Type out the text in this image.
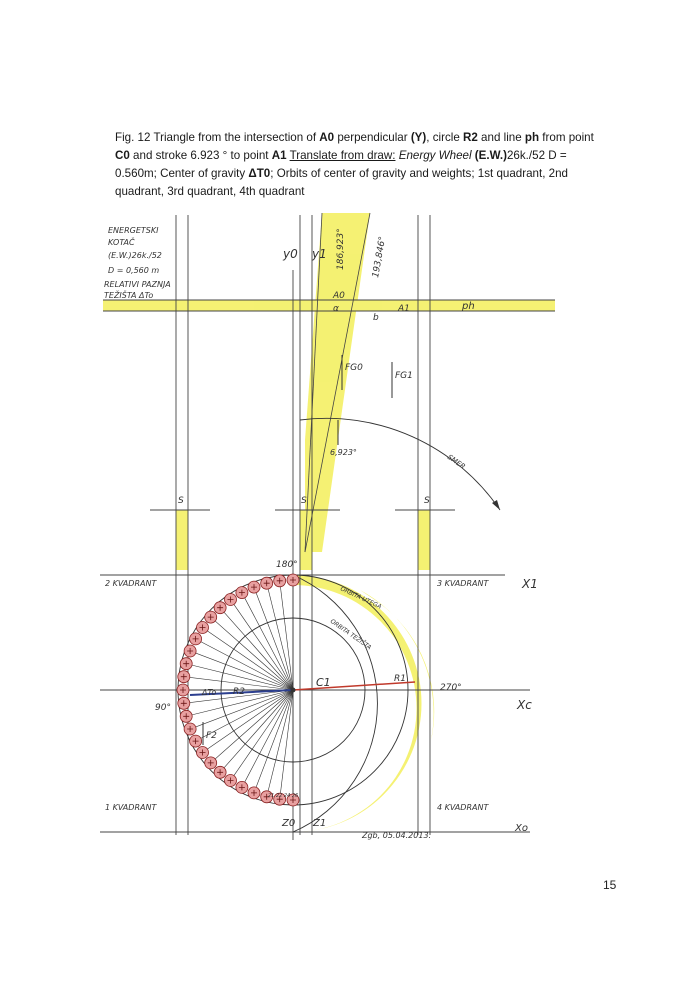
Fig. 12 Triangle from the intersection of A0 perpendicular (Y), circle R2 and line ph from point C0 and stroke 6.923 ° to point A1 Translate from draw: Energy Wheel (E.W.)26k./52 D = 0.560m; Center of gravity ΔT0; Orbits of center of gravity and weights; 1st quadrant, 2nd quadrant, 3rd quadrant, 4th quadrant
ENERGETSKI
KOTAČ
(E.W.)26k./52
D = 0,560 m
RELATIVI PAZNJA
TEŽIŠTA ΔTo
y0 y1 186,923°	193,846°
A0
A1
α
b
ph
FG0
FG1
6,923°
SMER
S	S	S
180°
270°
90°
2 KVADRANT	3 KVADRANT
1 KVADRANT	4 KVADRANT
X1
Xc
Xo
C1	R1
R2
ΔTo
F2
ORBITA UTEGA
ORBITA TEŽIŠTA
Z0 Z1
Zgb, 05.04.2013.
21 22 24 26
15
